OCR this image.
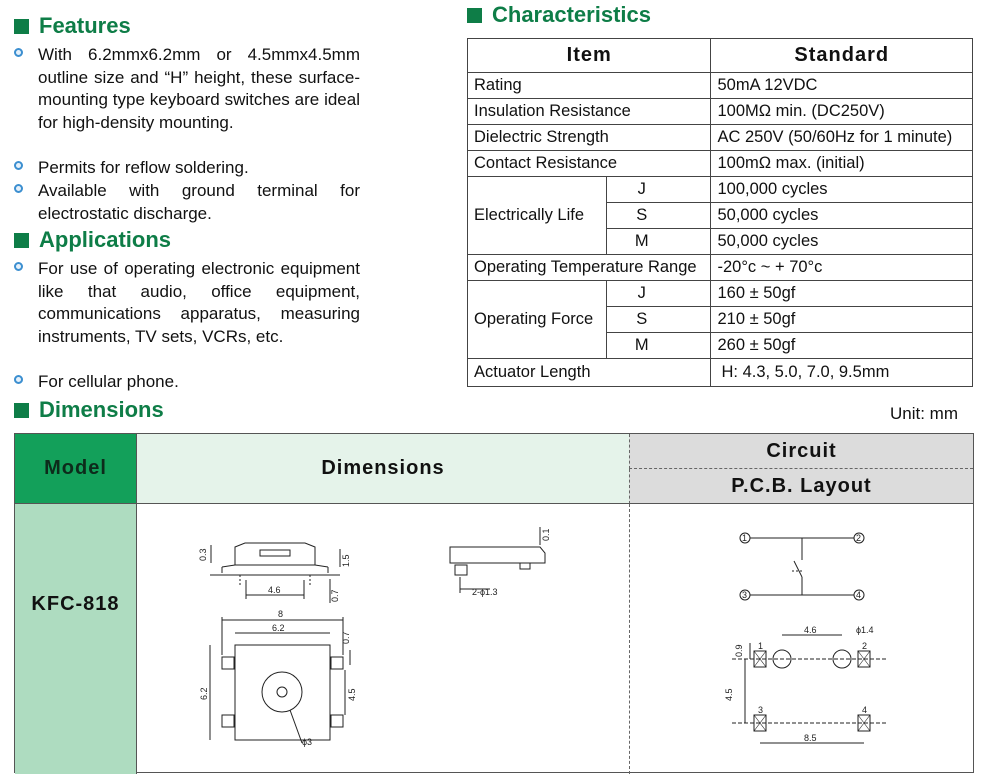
Features
With 6.2mmx6.2mm or 4.5mmx4.5mm outline size and “H” height, these surface-mounting type keyboard switches are ideal for high-density mounting.
Permits for reflow soldering.
Available with ground terminal for electrostatic discharge.
Applications
For use of operating electronic equipment like that audio, office equipment, communications apparatus, measuring instruments, TV sets, VCRs, etc.
For cellular phone.
Characteristics
Item		Standard
Rating		50mA 12VDC
Insulation Resistance		100MΩ min. (DC250V)
Dielectric Strength		AC 250V (50/60Hz for 1 minute)
Contact Resistance		100mΩ max. (initial)
Electrically Life	J	100,000 cycles
	S	50,000 cycles
	M	50,000 cycles
Operating Temperature Range		-20°c ~ + 70°c
Operating Force	J	160 ± 50gf
	S	210 ± 50gf
	M	260 ± 50gf
Actuator Length		H: 4.3, 5.0, 7.0, 9.5mm
Dimensions	Unit: mm
Model	Dimensions
Circuit
P.C.B. Layout
KFC-818
0.3	1.5
4.6	0.7
0.1
2-ϕ1.3
8
6.2
0.7
6.2	4.5
ϕ3
1	2
3	4
1	2
3	4
4.6	ϕ1.4
0.9
4.5
8.5
